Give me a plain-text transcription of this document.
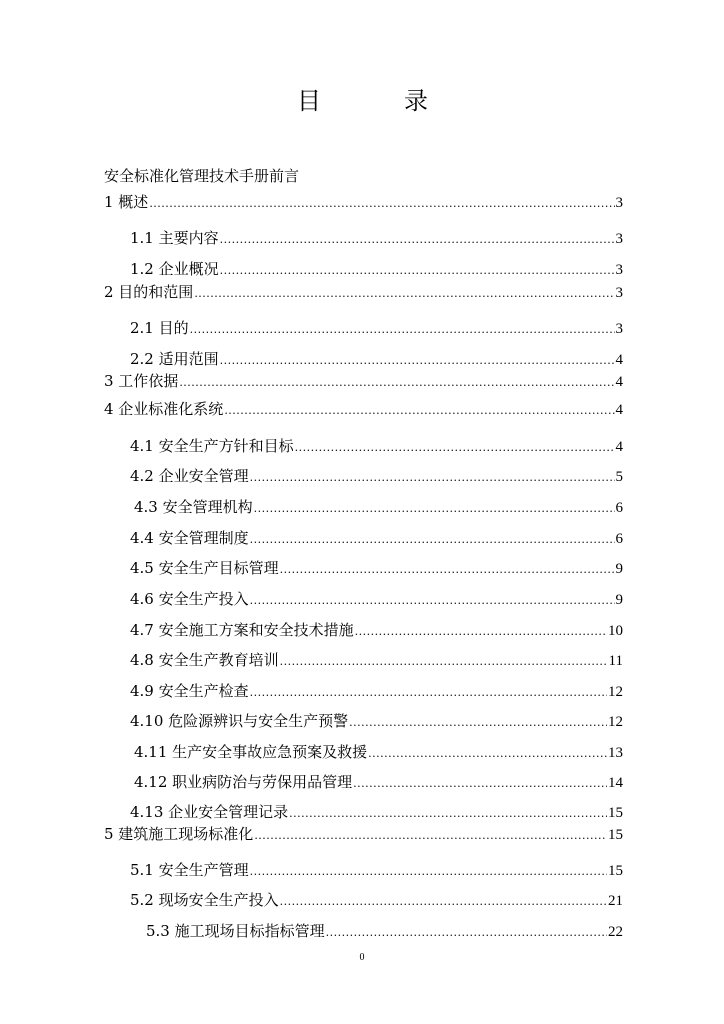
目	录
安全标准化管理技术手册前言
1 概述 .....	3
1.1 主要内容 .....	3
1.2 企业概况 .....	3
2 目的和范围 .....	3
2.1 目的 .....	3
2.2 适用范围 .....	4
3 工作依据 .....	4
4 企业标准化系统 .....	4
4.1 安全生产方针和目标 .....	4
4.2 企业安全管理 .....	5
4.3 安全管理机构 .....	6
4.4 安全管理制度 .....	6
4.5 安全生产目标管理 .....	9
4.6 安全生产投入 .....	9
4.7 安全施工方案和安全技术措施 .....	10
4.8 安全生产教育培训 .....	11
4.9 安全生产检查 .....	12
4.10 危险源辨识与安全生产预警 .....	12
4.11 生产安全事故应急预案及救援 .....	13
4.12 职业病防治与劳保用品管理 .....	14
4.13 企业安全管理记录 .....	15
5 建筑施工现场标准化 .....	15
5.1 安全生产管理 .....	15
5.2 现场安全生产投入 .....	21
5.3 施工现场目标指标管理 .....	22
0
